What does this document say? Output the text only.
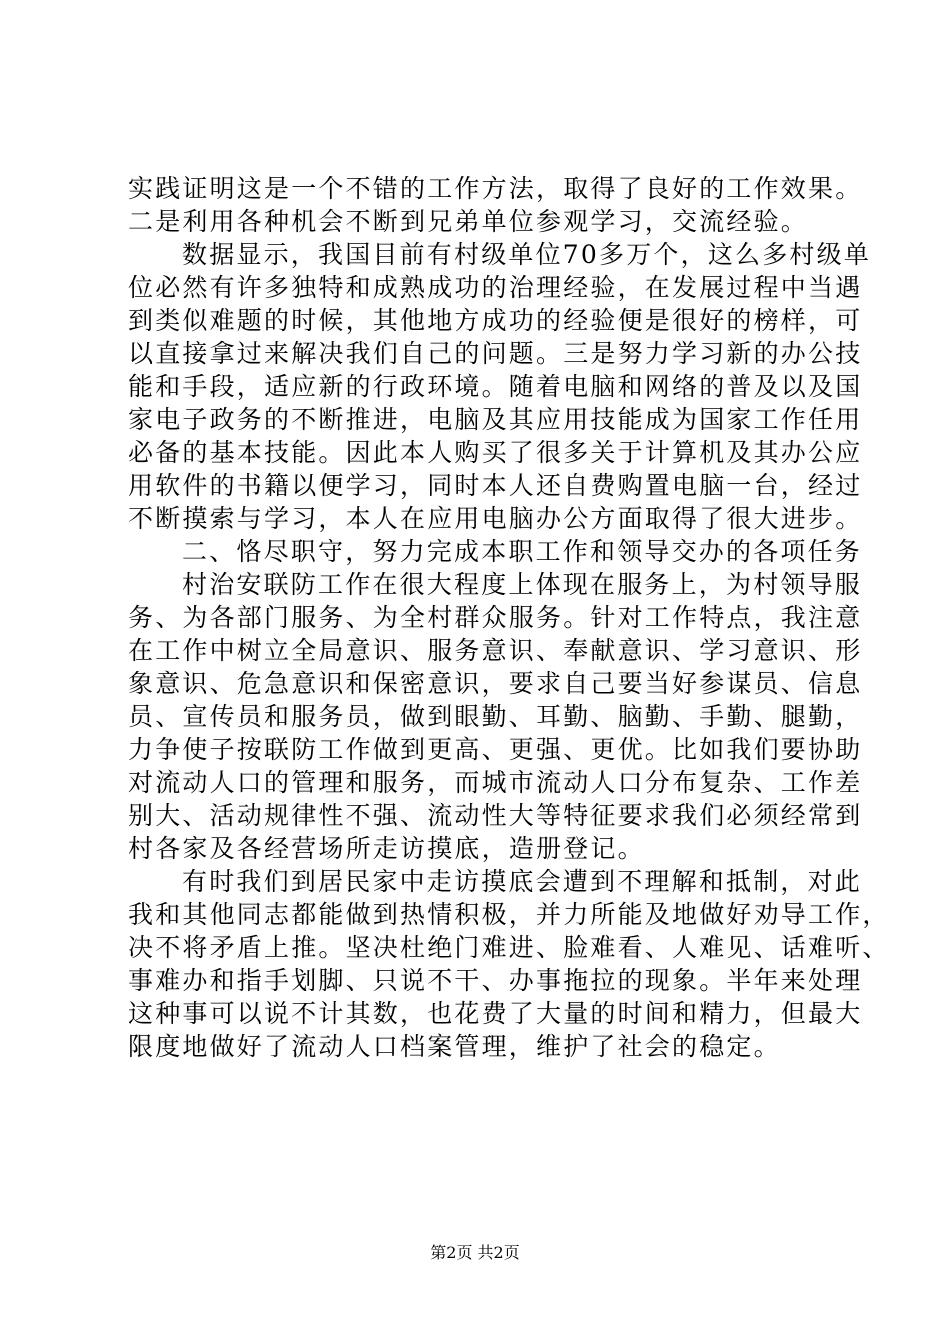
实践证明这是一个不错的工作方法，取得了良好的工作效果。
二是利用各种机会不断到兄弟单位参观学习，交流经验。
数据显示，我国目前有村级单位70多万个，这么多村级单
位必然有许多独特和成熟成功的治理经验，在发展过程中当遇
到类似难题的时候，其他地方成功的经验便是很好的榜样，可
以直接拿过来解决我们自己的问题。三是努力学习新的办公技
能和手段，适应新的行政环境。随着电脑和网络的普及以及国
家电子政务的不断推进，电脑及其应用技能成为国家工作任用
必备的基本技能。因此本人购买了很多关于计算机及其办公应
用软件的书籍以便学习，同时本人还自费购置电脑一台，经过
不断摸索与学习，本人在应用电脑办公方面取得了很大进步。
二、恪尽职守，努力完成本职工作和领导交办的各项任务
村治安联防工作在很大程度上体现在服务上，为村领导服
务、为各部门服务、为全村群众服务。针对工作特点，我注意
在工作中树立全局意识、服务意识、奉献意识、学习意识、形
象意识、危急意识和保密意识，要求自己要当好参谋员、信息
员、宣传员和服务员，做到眼勤、耳勤、脑勤、手勤、腿勤，
力争使子按联防工作做到更高、更强、更优。比如我们要协助
对流动人口的管理和服务，而城市流动人口分布复杂、工作差
别大、活动规律性不强、流动性大等特征要求我们必须经常到
村各家及各经营场所走访摸底，造册登记。
有时我们到居民家中走访摸底会遭到不理解和抵制，对此
我和其他同志都能做到热情积极，并力所能及地做好劝导工作，
决不将矛盾上推。坚决杜绝门难进、脸难看、人难见、话难听、
事难办和指手划脚、只说不干、办事拖拉的现象。半年来处理
这种事可以说不计其数，也花费了大量的时间和精力，但最大
限度地做好了流动人口档案管理，维护了社会的稳定。
第2页 共2页
